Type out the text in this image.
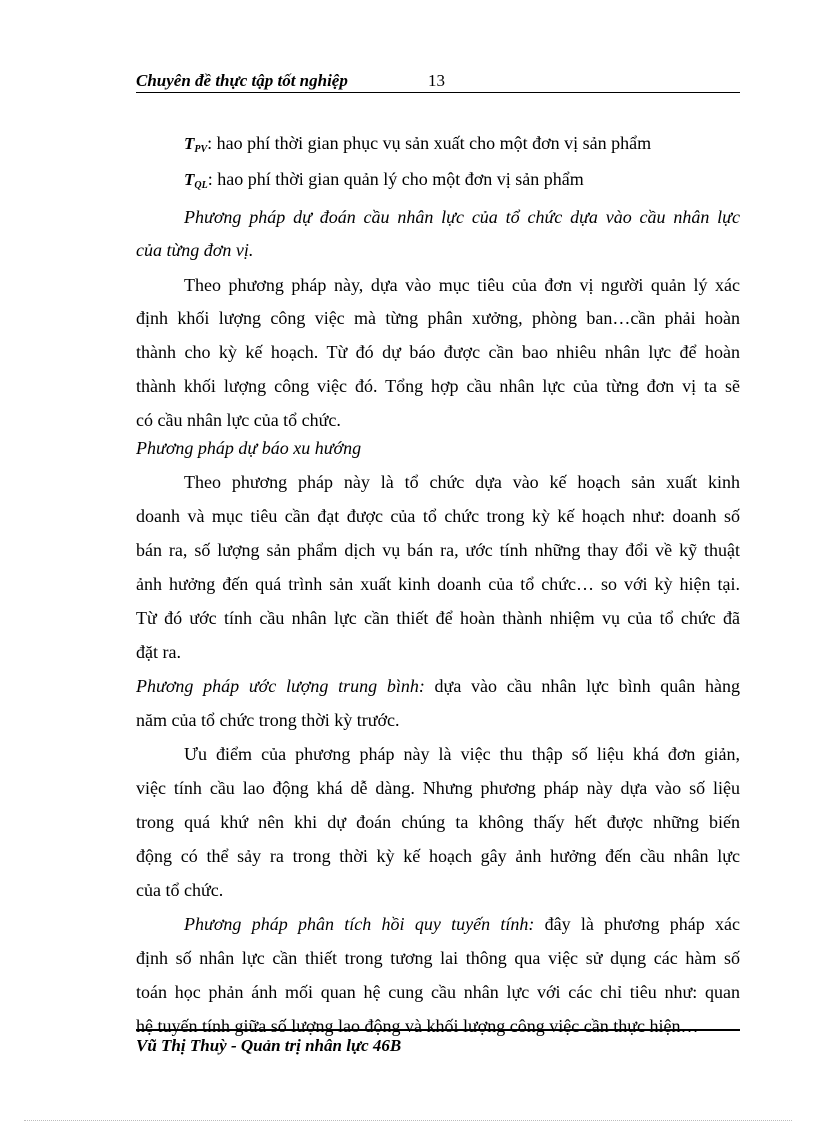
Chuyên đề thực tập tốt nghiệp	13
$T_{PV}$: hao phí thời gian phục vụ sản xuất cho một đơn vị sản phẩm
$T_{QL}$: hao phí thời gian quản lý cho một đơn vị sản phẩm
Phương pháp dự đoán cầu nhân lực của tổ chức dựa vào cầu nhân lực
của từng đơn vị.
Theo phương pháp này, dựa vào mục tiêu của đơn vị người quản lý xác
định khối lượng công việc mà từng phân xưởng, phòng ban…cần phải hoàn
thành cho kỳ kế hoạch. Từ đó dự báo được cần bao nhiêu nhân lực để hoàn
thành khối lượng công việc đó. Tổng hợp cầu nhân lực của từng đơn vị ta sẽ
có cầu nhân lực của tổ chức.
Phương pháp dự báo xu hướng
Theo phương pháp này là tổ chức dựa vào kế hoạch sản xuất kinh
doanh và mục tiêu cần đạt được của tổ chức trong kỳ kế hoạch như: doanh số
bán ra, số lượng sản phẩm dịch vụ bán ra, ước tính những thay đổi về kỹ thuật
ảnh hưởng đến quá trình sản xuất kinh doanh của tổ chức… so với kỳ hiện tại.
Từ đó ước tính cầu nhân lực cần thiết để hoàn thành nhiệm vụ của tổ chức đã
đặt ra.
Phương pháp ước lượng trung bình: dựa vào cầu nhân lực bình quân hàng
năm của tổ chức trong thời kỳ trước.
Ưu điểm của phương pháp này là việc thu thập số liệu khá đơn giản,
việc tính cầu lao động khá dễ dàng. Nhưng phương pháp này dựa vào số liệu
trong quá khứ nên khi dự đoán chúng ta không thấy hết được những biến
động có thể sảy ra trong thời kỳ kế hoạch gây ảnh hưởng đến cầu nhân lực
của tổ chức.
Phương pháp phân tích hồi quy tuyến tính: đây là phương pháp xác
định số nhân lực cần thiết trong tương lai thông qua việc sử dụng các hàm số
toán học phản ánh mối quan hệ cung cầu nhân lực với các chỉ tiêu như: quan
hệ tuyến tính giữa số lượng lao động và khối lượng công việc cần thực hiện…
Vũ Thị Thuỳ - Quản trị nhân lực 46B
